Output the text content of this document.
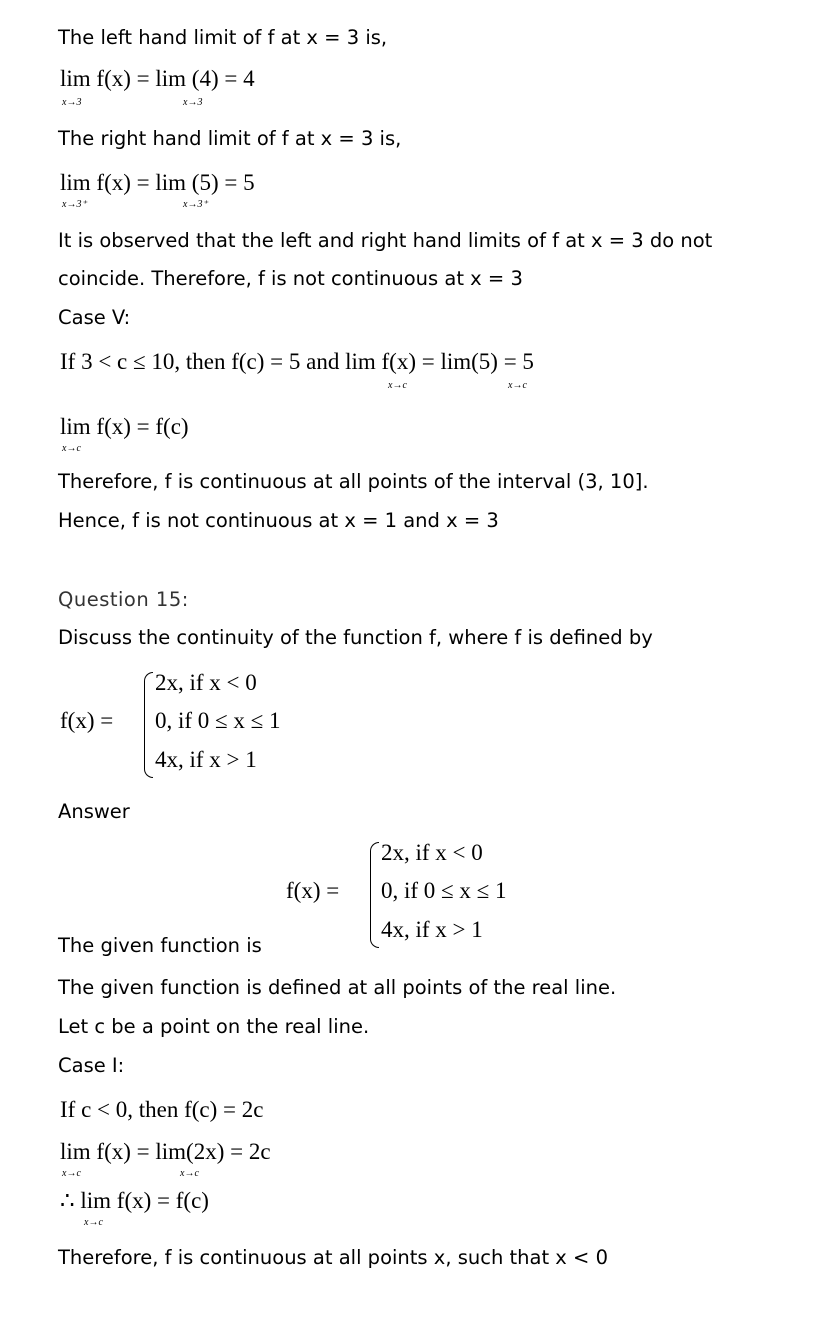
The left hand limit of f at x = 3 is,
lim f(x) = lim (4) = 4
x→3	x→3
The right hand limit of f at x = 3 is,
lim f(x) = lim (5) = 5
x→3⁺	x→3⁺
It is observed that the left and right hand limits of f at x = 3 do not
coincide. Therefore, f is not continuous at x = 3
Case V:
If 3 < c ≤ 10, then f(c) = 5 and lim f(x) = lim(5) = 5
x→c	x→c
lim f(x) = f(c)
x→c
Therefore, f is continuous at all points of the interval (3, 10].
Hence, f is not continuous at x = 1 and x = 3
Question 15:
Discuss the continuity of the function f, where f is defined by
f(x) =
2x, if x < 0
0, if 0 ≤ x ≤ 1
4x, if x > 1
Answer
f(x) =
2x, if x < 0
0, if 0 ≤ x ≤ 1
4x, if x > 1
The given function is
The given function is defined at all points of the real line.
Let c be a point on the real line.
Case I:
If c < 0, then f(c) = 2c
lim f(x) = lim(2x) = 2c
x→c	x→c
∴ lim f(x) = f(c)
x→c
Therefore, f is continuous at all points x, such that x < 0
